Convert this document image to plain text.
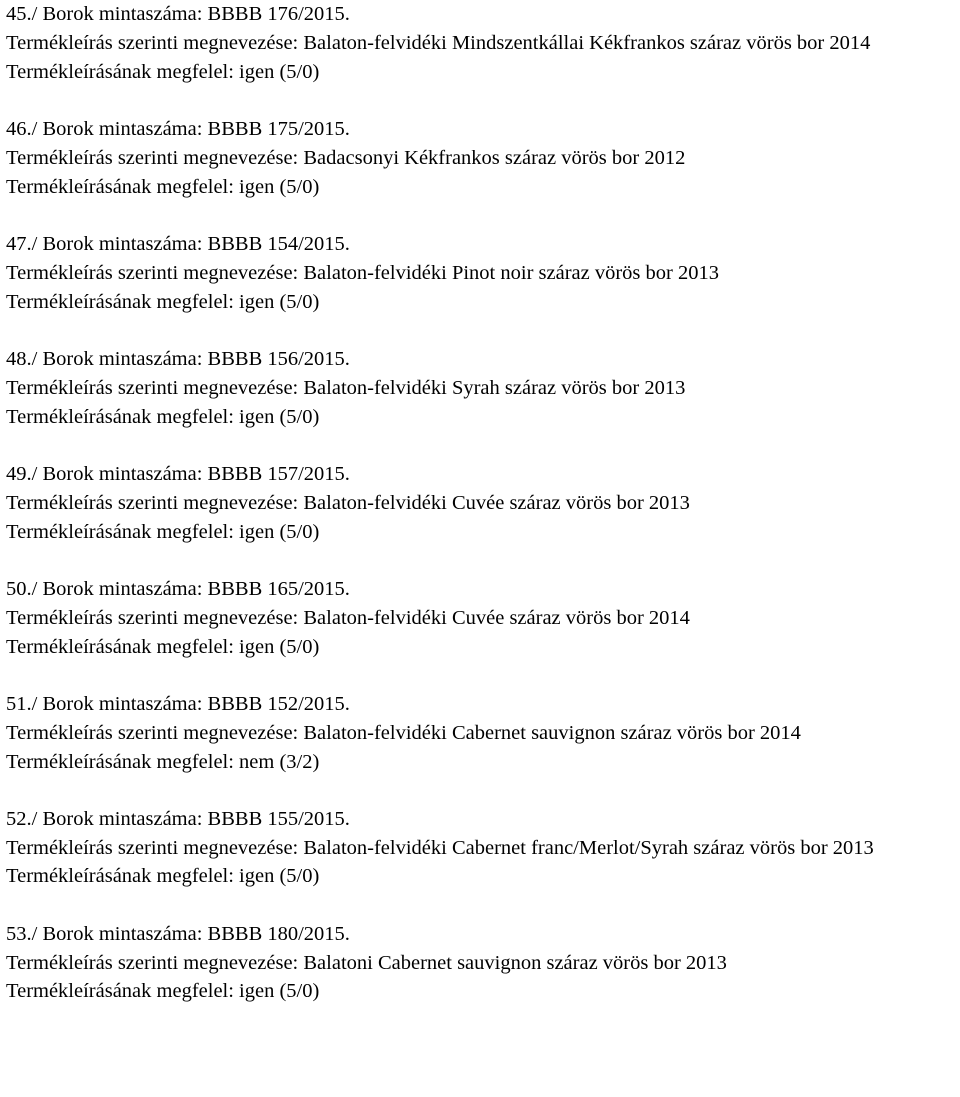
45./ Borok mintaszáma: BBBB 176/2015.

Termékleírás szerinti megnevezése: Balaton-felvidéki Mindszentkállai Kékfrankos száraz vörös bor 2014

Termékleírásának megfelel: igen (5/0)

46./ Borok mintaszáma: BBBB 175/2015.

Termékleírás szerinti megnevezése: Badacsonyi Kékfrankos száraz vörös bor 2012

Termékleírásának megfelel: igen (5/0)

47./ Borok mintaszáma: BBBB 154/2015.

Termékleírás szerinti megnevezése: Balaton-felvidéki Pinot noir száraz vörös bor 2013

Termékleírásának megfelel: igen (5/0)

48./ Borok mintaszáma: BBBB 156/2015.

Termékleírás szerinti megnevezése: Balaton-felvidéki Syrah száraz vörös bor 2013

Termékleírásának megfelel: igen (5/0)

49./ Borok mintaszáma: BBBB 157/2015.

Termékleírás szerinti megnevezése: Balaton-felvidéki Cuvée száraz vörös bor 2013

Termékleírásának megfelel: igen (5/0)

50./ Borok mintaszáma: BBBB 165/2015.

Termékleírás szerinti megnevezése: Balaton-felvidéki Cuvée száraz vörös bor 2014

Termékleírásának megfelel: igen (5/0)

51./ Borok mintaszáma: BBBB 152/2015.

Termékleírás szerinti megnevezése: Balaton-felvidéki Cabernet sauvignon száraz vörös bor 2014

Termékleírásának megfelel: nem (3/2)

52./ Borok mintaszáma: BBBB 155/2015.

Termékleírás szerinti megnevezése: Balaton-felvidéki Cabernet franc/Merlot/Syrah száraz vörös bor 2013

Termékleírásának megfelel: igen (5/0)

53./ Borok mintaszáma: BBBB 180/2015.

Termékleírás szerinti megnevezése: Balatoni Cabernet sauvignon száraz vörös bor 2013

Termékleírásának megfelel: igen (5/0)
